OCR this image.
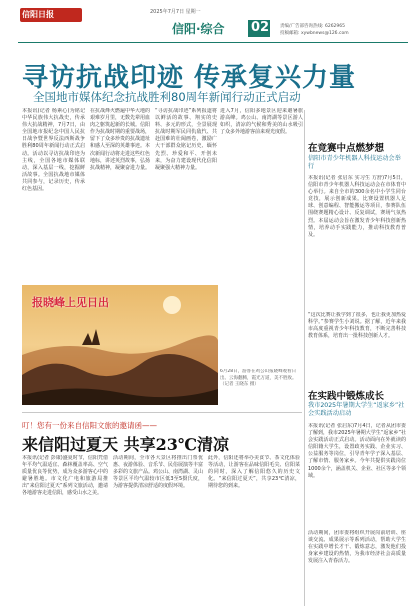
信阳日报	2025年7月7日 星期一
信阳·综合 02 责编/广告部咨询热线: 6262965
投稿邮箱: xywbnews@126.com
寻访抗战印迹 传承复兴力量
全国地市媒体纪念抗战胜利80周年新闻行动正式启动
本报讯(记者 杨素心)为铭记中华民族伟大抗战史，传承伟大抗战精神，7月7日，由全国地市报纪念中国人民抗日战争暨世界反法西斯战争胜利80周年新闻行动正式启动。活动以寻访抗战印迹为主线，全国各地市媒体联动，深入基层一线，挖掘鲜活故事。全国抗战地市媒体共同参与，记录历史，传承红色基因。
在抗战烽火燃遍中华大地的艰难岁月里，无数先辈用血肉之躯筑起新的长城。信阳作为抗战时期的重要战场，留下了众多珍贵的抗战遗址和感人至深的英雄事迹。本次新闻行动将走进这些红色地标，讲述英烈故事，弘扬抗战精神，凝聚奋进力量。
“寻访抗战印迹”系列报道将以鲜活的故事、翔实的史料、多元的形式，全景展现抗战时期军民同仇敌忾、共赴国难的壮阔画卷，激励广大干部群众铭记历史、缅怀先烈、珍爱和平、开创未来，为奋力建设现代化信阳凝聚强大精神力量。
报晓峰上见日出
6月28日，游客在鸡公山报晓峰观看日出。云海翻腾，霞光万道，美不胜收。（记者 王晓东 摄）
进入7月，信阳多地景区迎来避暑旅游高峰。鸡公山、南湾湖等景区游人如织，清凉的气候和秀美的山水吸引了众多外地游客前来观光度假。
在竞赛中点燃梦想
信阳市青少年机器人科技运动会举行
本报讯(记者 张启东 实习生 方舒)7月5日，信阳市青少年机器人科技运动会在市体育中心举行。来自全市的300余名中小学生同台竞技，展示创新成果。比赛设置机器人足球、创意编程、智能搬运等项目，参赛队伍围绕赛题精心设计、反复调试，赛场气氛热烈。本届运动会旨在激发青少年科技创新热情，培养动手实践能力，推动科技教育普及。
“这次比赛让我学到了很多，也让我更加热爱科学。”参赛学生小刘说。据了解，近年来我市高度重视青少年科技教育，不断完善科技教育体系，培育出一批科技创新人才。
在实践中锻炼成长
我市2025年暑期大学生“返家乡”社会实践活动启动
本报讯(记者 张启东)7月4日，记者从团市委了解到，我市2025年暑期大学生“返家乡”社会实践活动正式启动。活动面向在外就读的信阳籍大学生，设置政务实践、企业实习、公益服务等岗位，引导青年学子深入基层、了解市情、服务家乡。今年共提供实践岗位1000余个，涵盖机关、企业、社区等多个领域。
活动期间，团市委将组织开展岗前培训、座谈交流、成果展示等系列活动，帮助大学生在实践中增长才干、锻炼意志，激发他们投身家乡建设的热情，为我市经济社会高质量发展注入青春活力。
叮！您有一份来自信阳文旅的邀请函——
来信阳过夏天 共享23℃清凉
本报讯(记者 彭康)盛夏时节，信阳凭借年平均气温适宜、森林覆盖率高、空气质量优良等优势，成为众多游客心中的避暑胜地。市文化广电和旅游局推出“来信阳过夏天”系列文旅活动，邀请各地游客走进信阳，感受山水之美。
活动期间，全市各大景区将推出门票优惠、夜游体验、音乐节、民俗展演等丰富多彩的文旅产品。鸡公山、南湾湖、灵山等景区平均气温较市区低3至5摄氏度，为游客提供清凉舒适的度假环境。
此外，信阳还将举办美食节、茶文化体验等活动，让游客在品味信阳毛尖、信阳菜的同时，深入了解信阳悠久的历史文化。“来信阳过夏天”，共享23℃清凉，期待您的到来。
